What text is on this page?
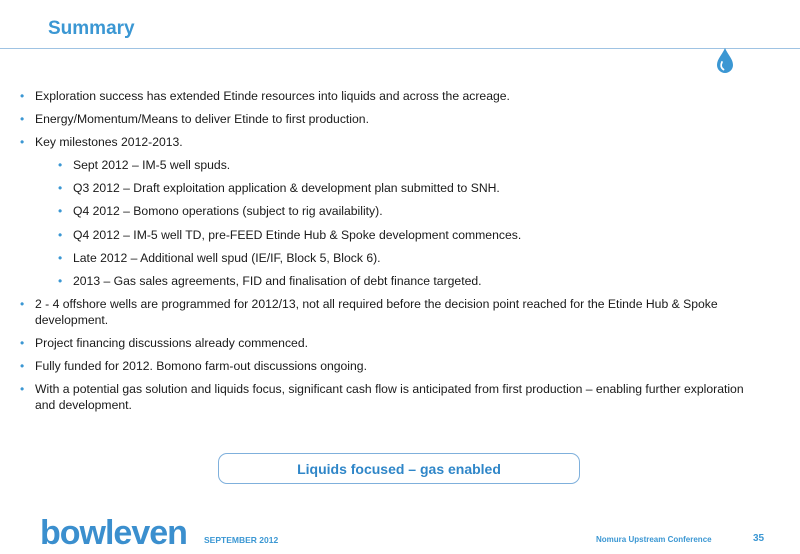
Summary
• Exploration success has extended Etinde resources into liquids and across the acreage.
• Energy/Momentum/Means to deliver Etinde to first production.
• Key milestones 2012-2013.
• Sept 2012 – IM-5 well spuds.
• Q3 2012 – Draft exploitation application & development plan submitted to SNH.
• Q4 2012 – Bomono operations (subject to rig availability).
• Q4 2012 – IM-5 well TD, pre-FEED Etinde Hub & Spoke development commences.
• Late 2012 – Additional well spud (IE/IF, Block 5, Block 6).
• 2013 – Gas sales agreements, FID and finalisation of debt finance targeted.
• 2 - 4 offshore wells are programmed for 2012/13, not all required before the decision point reached for the Etinde Hub & Spoke development.
• Project financing discussions already commenced.
• Fully funded for 2012. Bomono farm-out discussions ongoing.
• With a potential gas solution and liquids focus, significant cash flow is anticipated from first production – enabling further exploration and development.
Liquids focused – gas enabled
bowleven SEPTEMBER 2012	Nomura Upstream Conference	35
